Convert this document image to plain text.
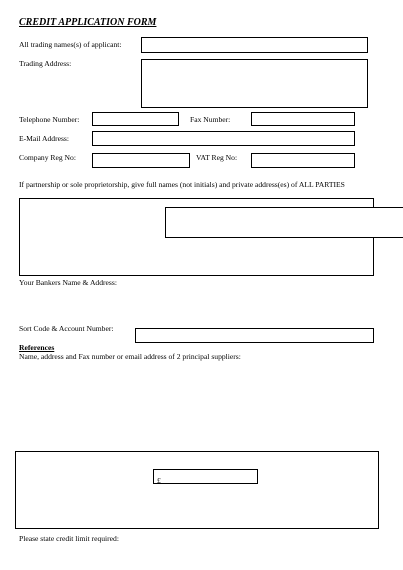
CREDIT APPLICATION FORM
All trading names(s) of applicant:
Trading Address:
Telephone Number:	Fax Number:
E-Mail Address:
Company Reg No:	VAT Reg No:
If partnership or sole proprietorship, give full names (not initials) and private address(es) of ALL PARTIES
Your Bankers Name & Address:
Sort Code & Account Number:
References
Name, address and Fax number or email address of 2 principal suppliers:
£
Please state credit limit required:
